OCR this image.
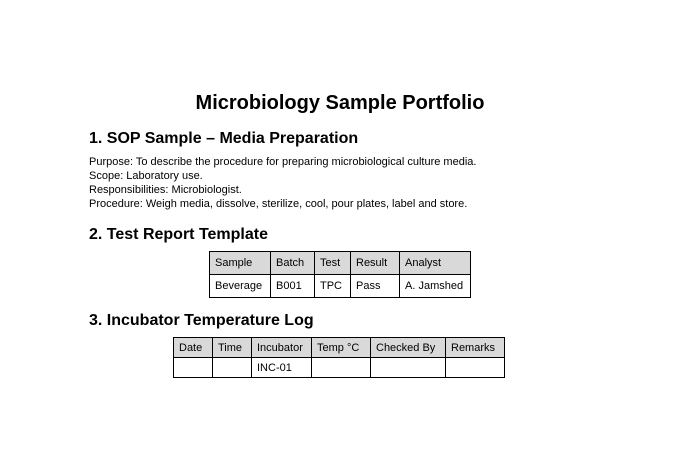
Microbiology Sample Portfolio
1. SOP Sample – Media Preparation
Purpose: To describe the procedure for preparing microbiological culture media.
Scope: Laboratory use.
Responsibilities: Microbiologist.
Procedure: Weigh media, dissolve, sterilize, cool, pour plates, label and store.
2. Test Report Template
Sample	Batch	Test	Result	Analyst
Beverage	B001	TPC	Pass	A. Jamshed
3. Incubator Temperature Log
Date	Time	Incubator	Temp °C	Checked By	Remarks
		INC-01			
